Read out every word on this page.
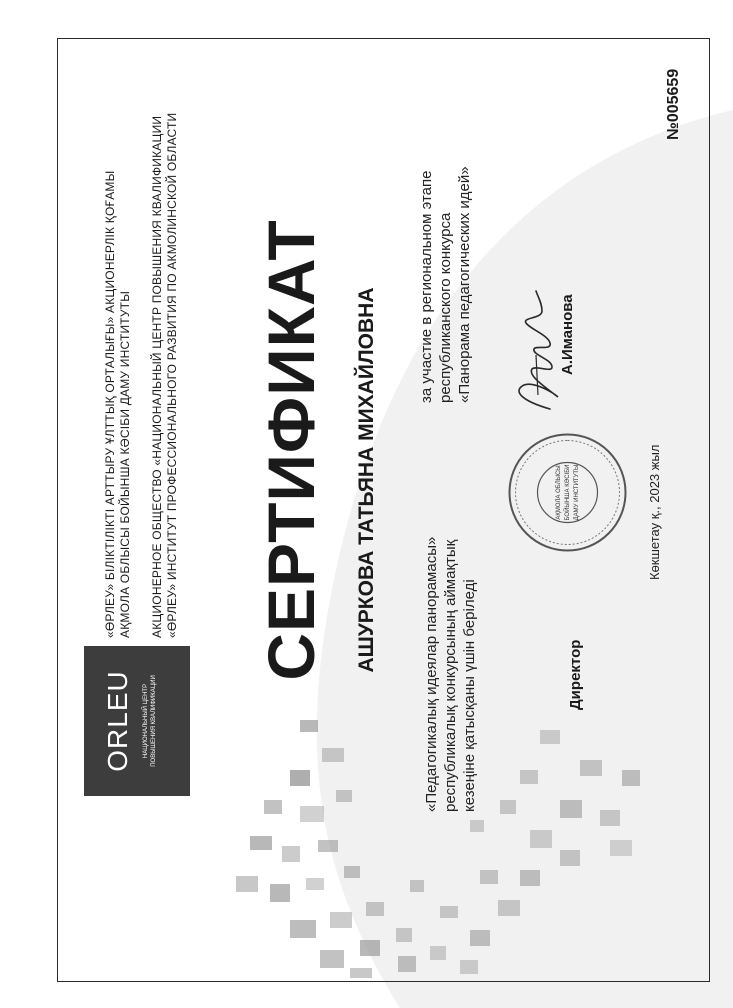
ORLEU НАЦИОНАЛЬНЫЙ ЦЕНТР ПОВЫШЕНИЯ КВАЛИФИКАЦИИ
«ӨРЛЕУ» БІЛІКТІЛІКТІ АРТТЫРУ ҰЛТТЫҚ ОРТАЛЫҒЫ» АКЦИОНЕРЛІК ҚОҒАМЫ АҚМОЛА ОБЛЫСЫ БОЙЫНША КӘСІБИ ДАМУ ИНСТИТУТЫ АКЦИОНЕРНОЕ ОБЩЕСТВО «НАЦИОНАЛЬНЫЙ ЦЕНТР ПОВЫШЕНИЯ КВАЛИФИКАЦИИ «ӨРЛЕУ» ИНСТИТУТ ПРОФЕССИОНАЛЬНОГО РАЗВИТИЯ ПО АКМОЛИНСКОЙ ОБЛАСТИ СЕРТИФИКАТ АШУРКОВА ТАТЬЯНА МИХАЙЛОВНА
«Педагогикалық идеялар панорамасы» республикалық конкурсының аймақтық кезеңіне қатысқаны үшін беріледі
за участие в региональном этапе республиканского конкурса «Панорама педагогических идей»
Директор
АҚМОЛА ОБЛЫСЫ БОЙЫНША КӘСІБИ ДАМУ ИНСТИТУТЫ
А.Иманова
Көкшетау қ., 2023 жыл
№005659
